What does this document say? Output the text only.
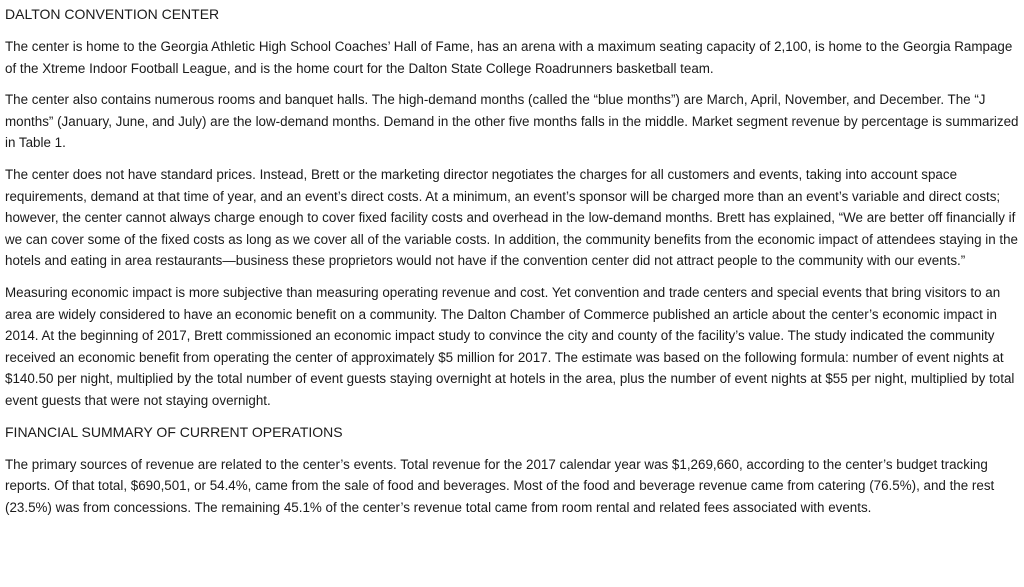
DALTON CONVENTION CENTER

The center is home to the Georgia Athletic High School Coaches’ Hall of Fame, has an arena with a maximum seating capacity of 2,100, is home to the Georgia Rampage of the Xtreme Indoor Football League, and is the home court for the Dalton State College Roadrunners basketball team.

The center also contains numerous rooms and banquet halls. The high-demand months (called the “blue months”) are March, April, November, and December. The “J months” (January, June, and July) are the low-demand months. Demand in the other five months falls in the middle. Market segment revenue by percentage is summarized in Table 1.

The center does not have standard prices. Instead, Brett or the marketing director negotiates the charges for all customers and events, taking into account space requirements, demand at that time of year, and an event’s direct costs. At a minimum, an event’s sponsor will be charged more than an event’s variable and direct costs; however, the center cannot always charge enough to cover fixed facility costs and overhead in the low-demand months. Brett has explained, “We are better off financially if we can cover some of the fixed costs as long as we cover all of the variable costs. In addition, the community benefits from the economic impact of attendees staying in the hotels and eating in area restaurants—business these proprietors would not have if the convention center did not attract people to the community with our events.”

Measuring economic impact is more subjective than measuring operating revenue and cost. Yet convention and trade centers and special events that bring visitors to an area are widely considered to have an economic benefit on a community. The Dalton Chamber of Commerce published an article about the center’s economic impact in 2014. At the beginning of 2017, Brett commissioned an economic impact study to convince the city and county of the facility’s value. The study indicated the community received an economic benefit from operating the center of approximately $5 million for 2017. The estimate was based on the following formula: number of event nights at $140.50 per night, multiplied by the total number of event guests staying overnight at hotels in the area, plus the number of event nights at $55 per night, multiplied by total event guests that were not staying overnight.

FINANCIAL SUMMARY OF CURRENT OPERATIONS

The primary sources of revenue are related to the center’s events. Total revenue for the 2017 calendar year was $1,269,660, according to the center’s budget tracking reports. Of that total, $690,501, or 54.4%, came from the sale of food and beverages. Most of the food and beverage revenue came from catering (76.5%), and the rest (23.5%) was from concessions. The remaining 45.1% of the center’s revenue total came from room rental and related fees associated with events.
